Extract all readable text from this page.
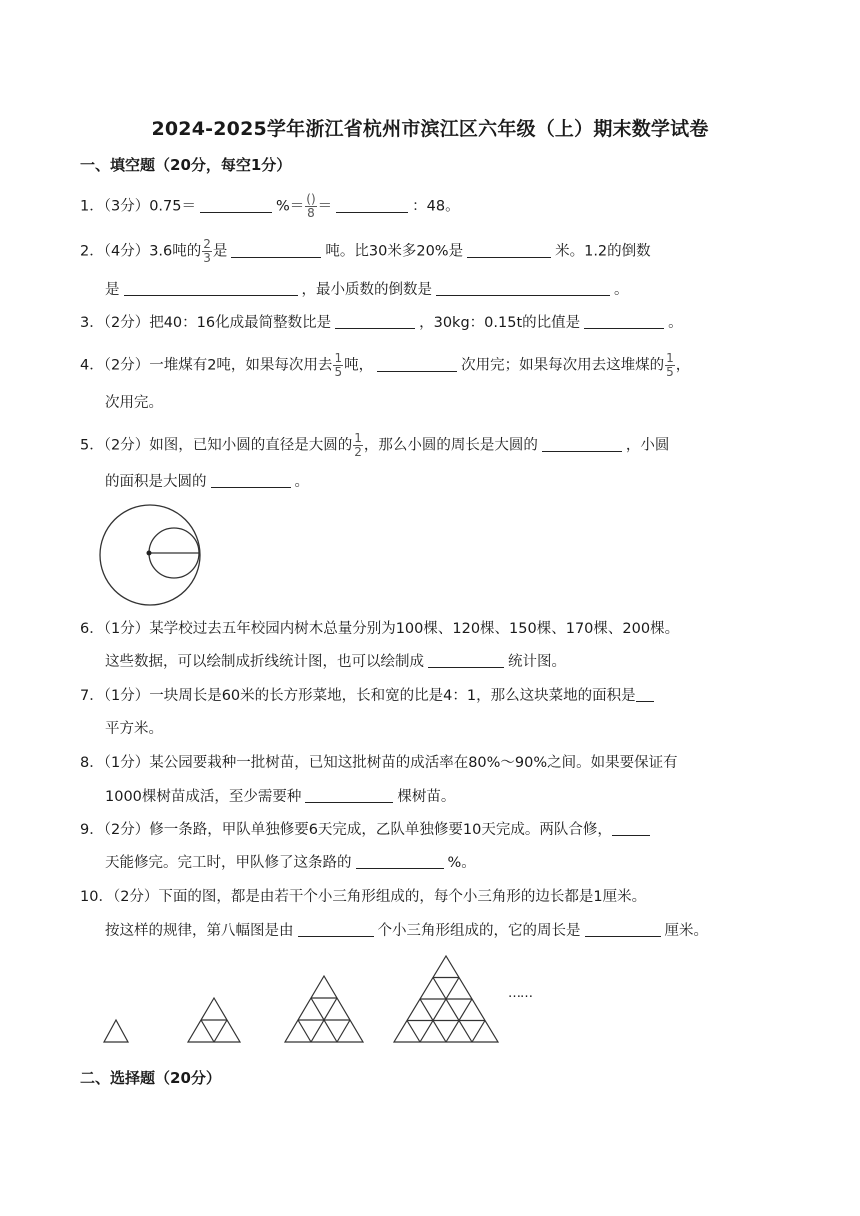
2024-2025学年浙江省杭州市滨江区六年级（上）期末数学试卷
一、填空题（20分，每空1分）
1．（3分）0.75＝	%＝ $\frac{()}{8}$ ＝	：48。
2．（4分）3.6吨的 $\frac{2}{3}$ 是	吨。比30米多20%是	米。1.2的倒数
是	，最小质数的倒数是	。
3．（2分）把40：16化成最简整数比是	，30kg：0.15t的比值是	。
4．（2分）一堆煤有2吨，如果每次用去 $\frac{1}{5}$ 吨，	次用完；如果每次用去这堆煤的 $\frac{1}{5}$ ，
次用完。
5．（2分）如图，已知小圆的直径是大圆的 $\frac{1}{2}$ ，那么小圆的周长是大圆的	，小圆
的面积是大圆的	。
6．（1分）某学校过去五年校园内树木总量分别为100棵、120棵、150棵、170棵、200棵。
这些数据，可以绘制成折线统计图，也可以绘制成	统计图。
7．（1分）一块周长是60米的长方形菜地，长和宽的比是4：1，那么这块菜地的面积是
平方米。
8．（1分）某公园要栽种一批树苗，已知这批树苗的成活率在80%～90%之间。如果要保证有
1000棵树苗成活，至少需要种	棵树苗。
9．（2分）修一条路，甲队单独修要6天完成，乙队单独修要10天完成。两队合修，
天能修完。完工时，甲队修了这条路的	%。
10．（2分）下面的图，都是由若干个小三角形组成的，每个小三角形的边长都是1厘米。
按这样的规律，第八幅图是由	个小三角形组成的，它的周长是	厘米。
……
二、选择题（20分）
